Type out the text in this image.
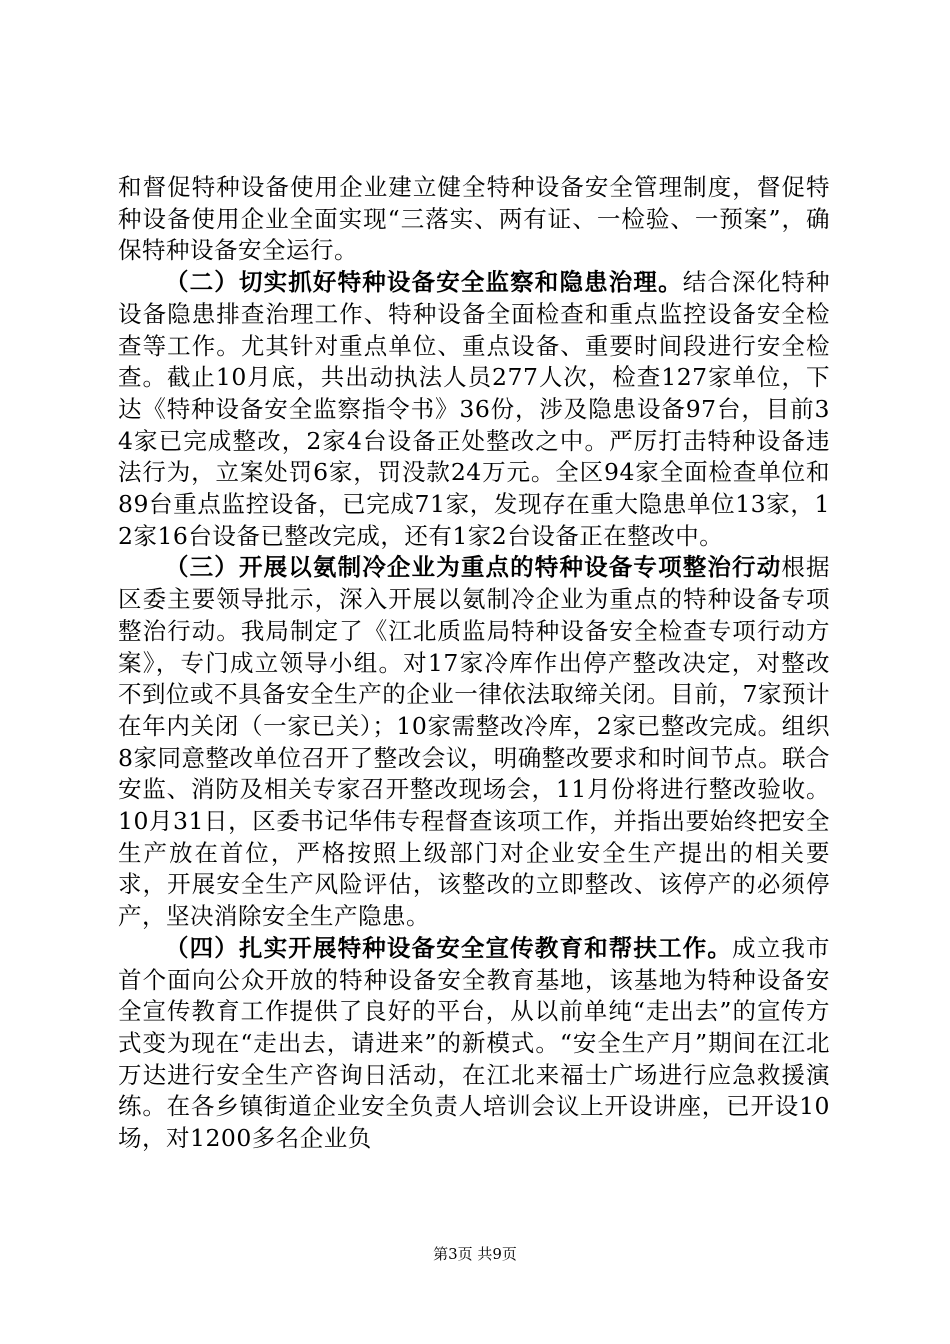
和督促特种设备使用企业建立健全特种设备安全管理制度，督促特种设备使用企业全面实现“三落实、两有证、一检验、一预案”，确保特种设备安全运行。

（二）切实抓好特种设备安全监察和隐患治理。结合深化特种设备隐患排查治理工作、特种设备全面检查和重点监控设备安全检查等工作。尤其针对重点单位、重点设备、重要时间段进行安全检查。截止10月底，共出动执法人员277人次，检查127家单位，下达《特种设备安全监察指令书》36份，涉及隐患设备97台，目前34家已完成整改，2家4台设备正处整改之中。严厉打击特种设备违法行为，立案处罚6家，罚没款24万元。全区94家全面检查单位和89台重点监控设备，已完成71家，发现存在重大隐患单位13家，12家16台设备已整改完成，还有1家2台设备正在整改中。

（三）开展以氨制冷企业为重点的特种设备专项整治行动根据区委主要领导批示，深入开展以氨制冷企业为重点的特种设备专项整治行动。我局制定了《江北质监局特种设备安全检查专项行动方案》，专门成立领导小组。对17家冷库作出停产整改决定，对整改不到位或不具备安全生产的企业一律依法取缔关闭。目前，7家预计在年内关闭（一家已关）；10家需整改冷库，2家已整改完成。组织8家同意整改单位召开了整改会议，明确整改要求和时间节点。联合安监、消防及相关专家召开整改现场会，11月份将进行整改验收。10月31日，区委书记华伟专程督查该项工作，并指出要始终把安全生产放在首位，严格按照上级部门对企业安全生产提出的相关要求，开展安全生产风险评估，该整改的立即整改、该停产的必须停产，坚决消除安全生产隐患。

（四）扎实开展特种设备安全宣传教育和帮扶工作。成立我市首个面向公众开放的特种设备安全教育基地，该基地为特种设备安全宣传教育工作提供了良好的平台，从以前单纯“走出去”的宣传方式变为现在“走出去，请进来”的新模式。“安全生产月”期间在江北万达进行安全生产咨询日活动，在江北来福士广场进行应急救援演练。在各乡镇街道企业安全负责人培训会议上开设讲座，已开设10场，对1200多名企业负

第3页 共9页
